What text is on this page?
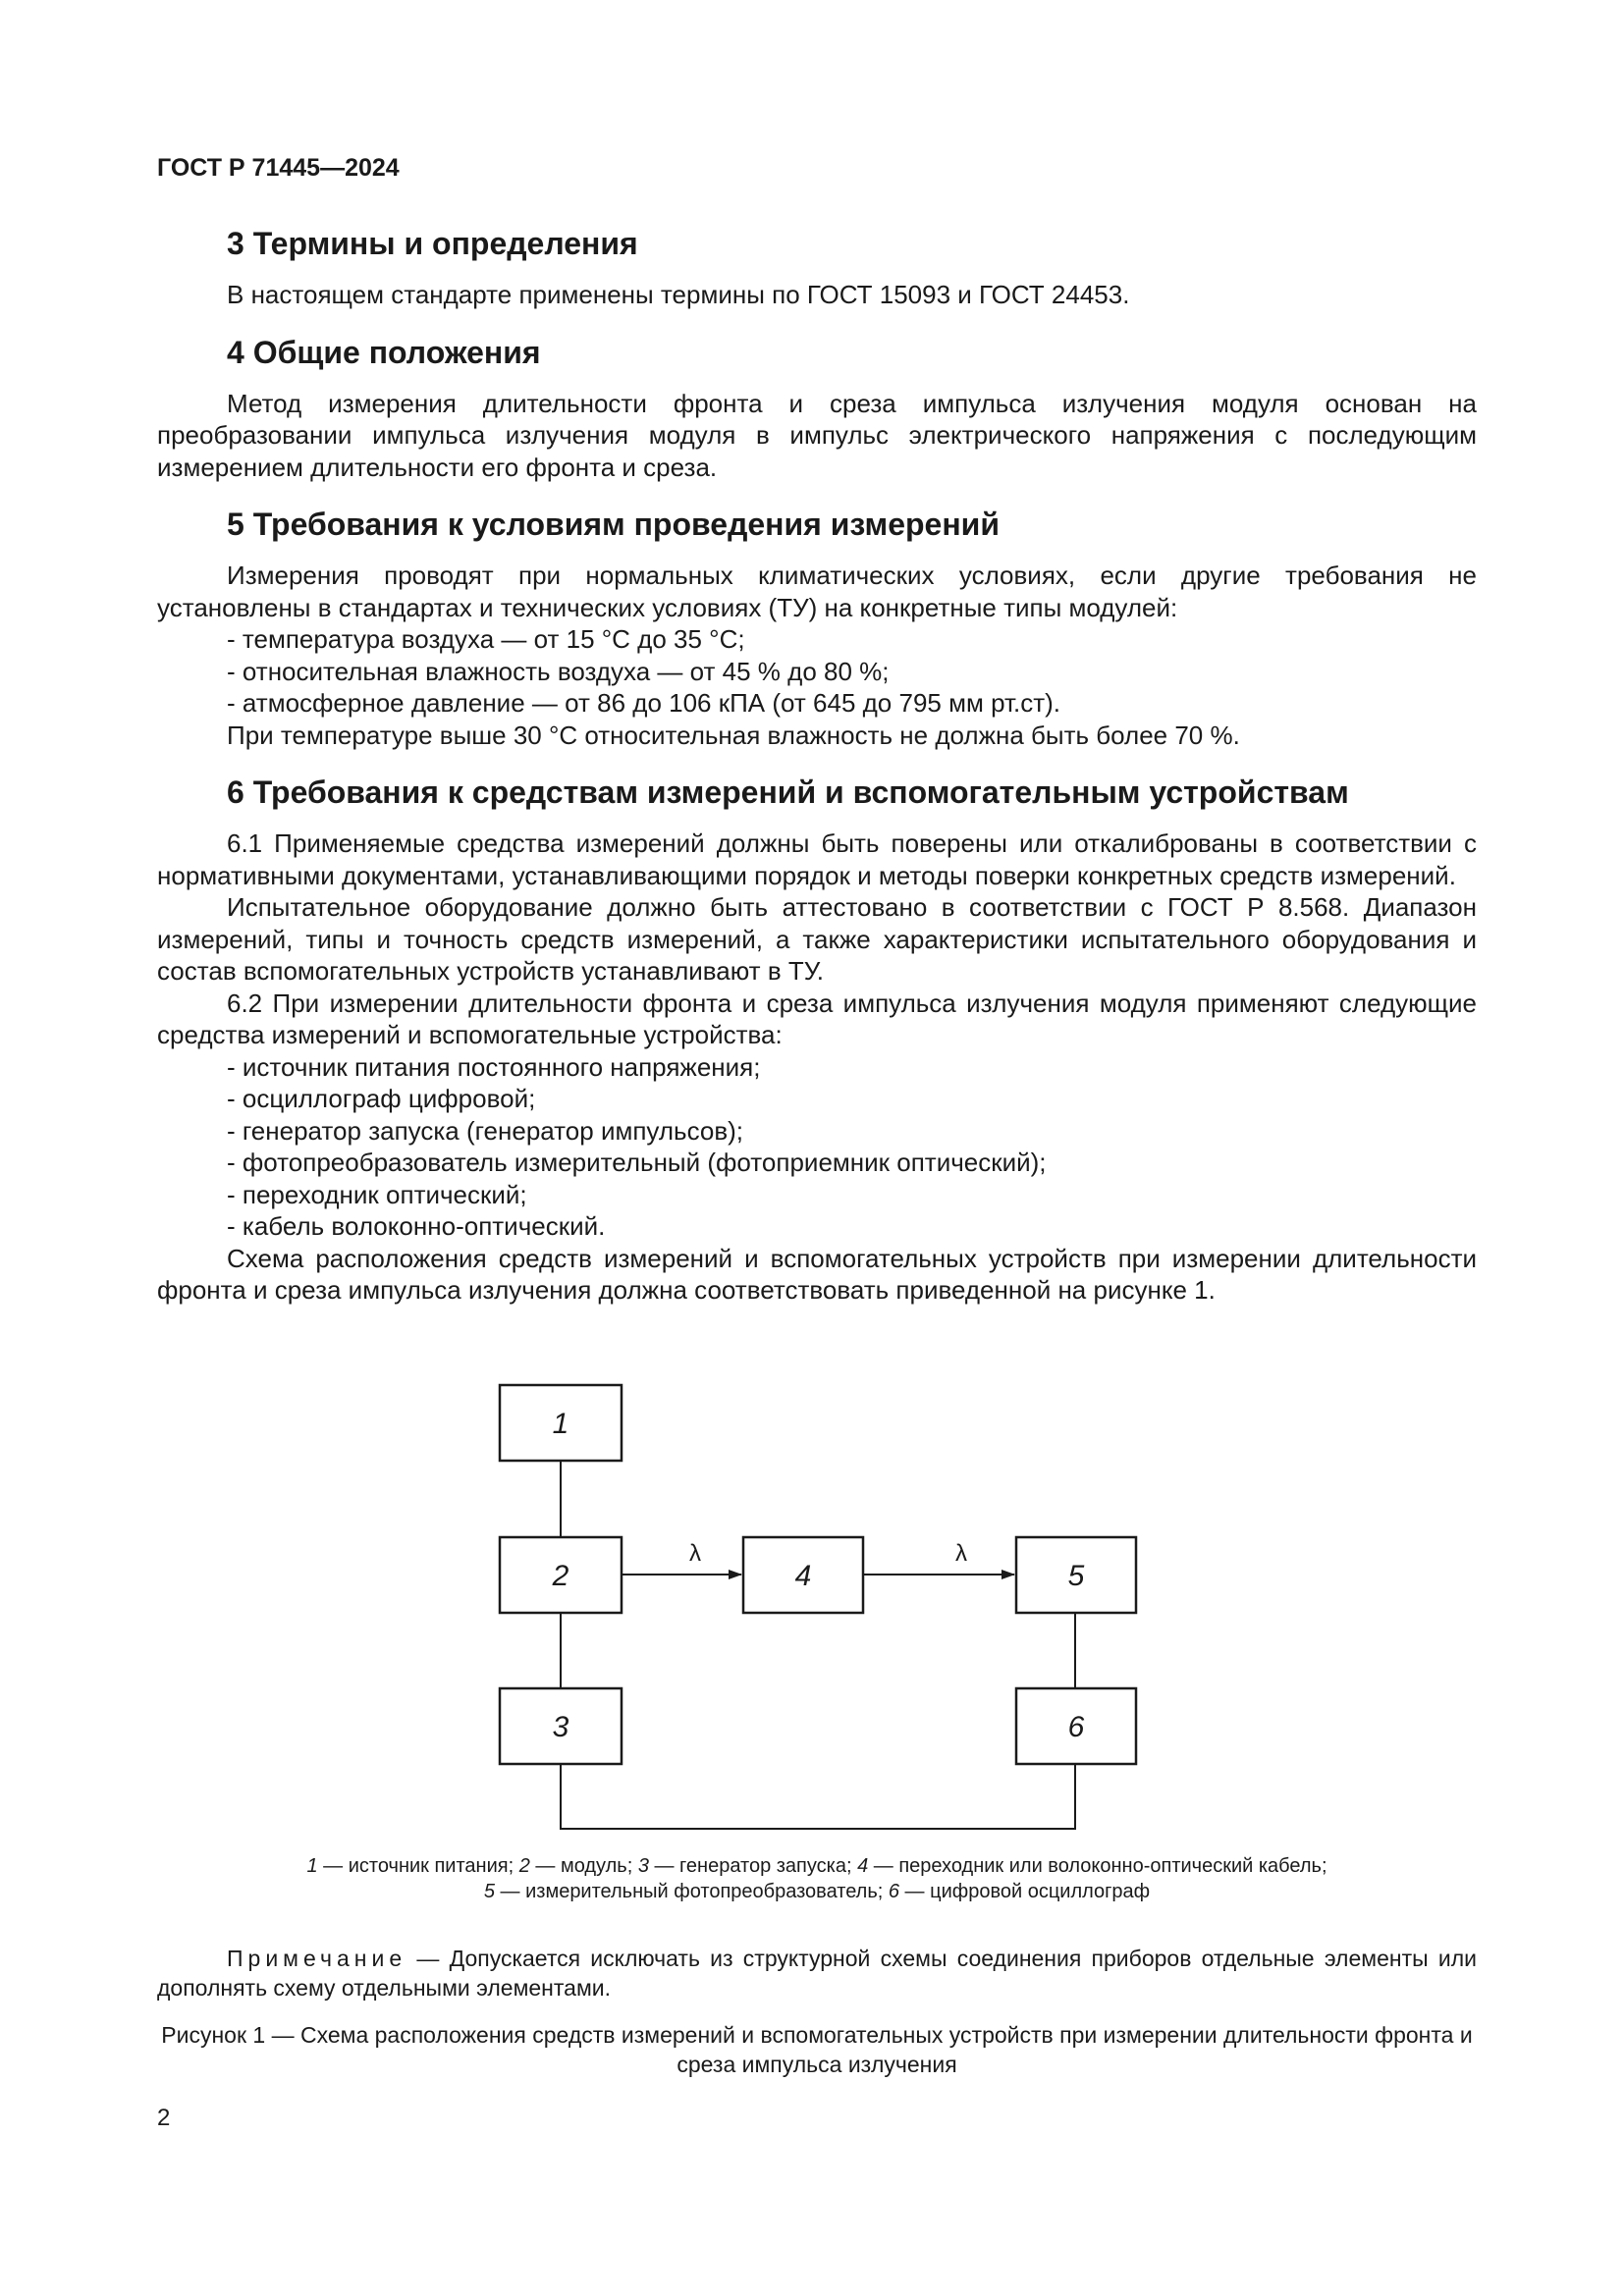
ГОСТ Р 71445—2024
3 Термины и определения

В настоящем стандарте применены термины по ГОСТ 15093 и ГОСТ 24453.

4 Общие положения

Метод измерения длительности фронта и среза импульса излучения модуля основан на преобразовании импульса излучения модуля в импульс электрического напряжения с последующим измерением длительности его фронта и среза.

5 Требования к условиям проведения измерений

Измерения проводят при нормальных климатических условиях, если другие требования не установлены в стандартах и технических условиях (ТУ) на конкретные типы модулей:

- температура воздуха — от 15 °С до 35 °С;
- относительная влажность воздуха — от 45 % до 80 %;
- атмосферное давление — от 86 до 106 кПА (от 645 до 795 мм рт.ст).

При температуре выше 30 °С относительная влажность не должна быть более 70 %.

6 Требования к средствам измерений и вспомогательным устройствам

6.1 Применяемые средства измерений должны быть поверены или откалиброваны в соответствии с нормативными документами, устанавливающими порядок и методы поверки конкретных средств измерений.

Испытательное оборудование должно быть аттестовано в соответствии с ГОСТ Р 8.568. Диапазон измерений, типы и точность средств измерений, а также характеристики испытательного оборудования и состав вспомогательных устройств устанавливают в ТУ.

6.2 При измерении длительности фронта и среза импульса излучения модуля применяют следующие средства измерений и вспомогательные устройства:

- источник питания постоянного напряжения;
- осциллограф цифровой;
- генератор запуска (генератор импульсов);
- фотопреобразователь измерительный (фотоприемник оптический);
- переходник оптический;
- кабель волоконно-оптический.

Схема расположения средств измерений и вспомогательных устройств при измерении длительности фронта и среза импульса излучения должна соответствовать приведенной на рисунке 1.

1
2
3
4	5
6
λ	λ
1 — источник питания; 2 — модуль; 3 — генератор запуска; 4 — переходник или волоконно-оптический кабель;
5 — измерительный фотопреобразователь; 6 — цифровой осциллограф
Примечание — Допускается исключать из структурной схемы соединения приборов отдельные элементы или дополнять схему отдельными элементами.
Рисунок 1 — Схема расположения средств измерений и вспомогательных устройств при измерении длительности фронта и среза импульса излучения
2
